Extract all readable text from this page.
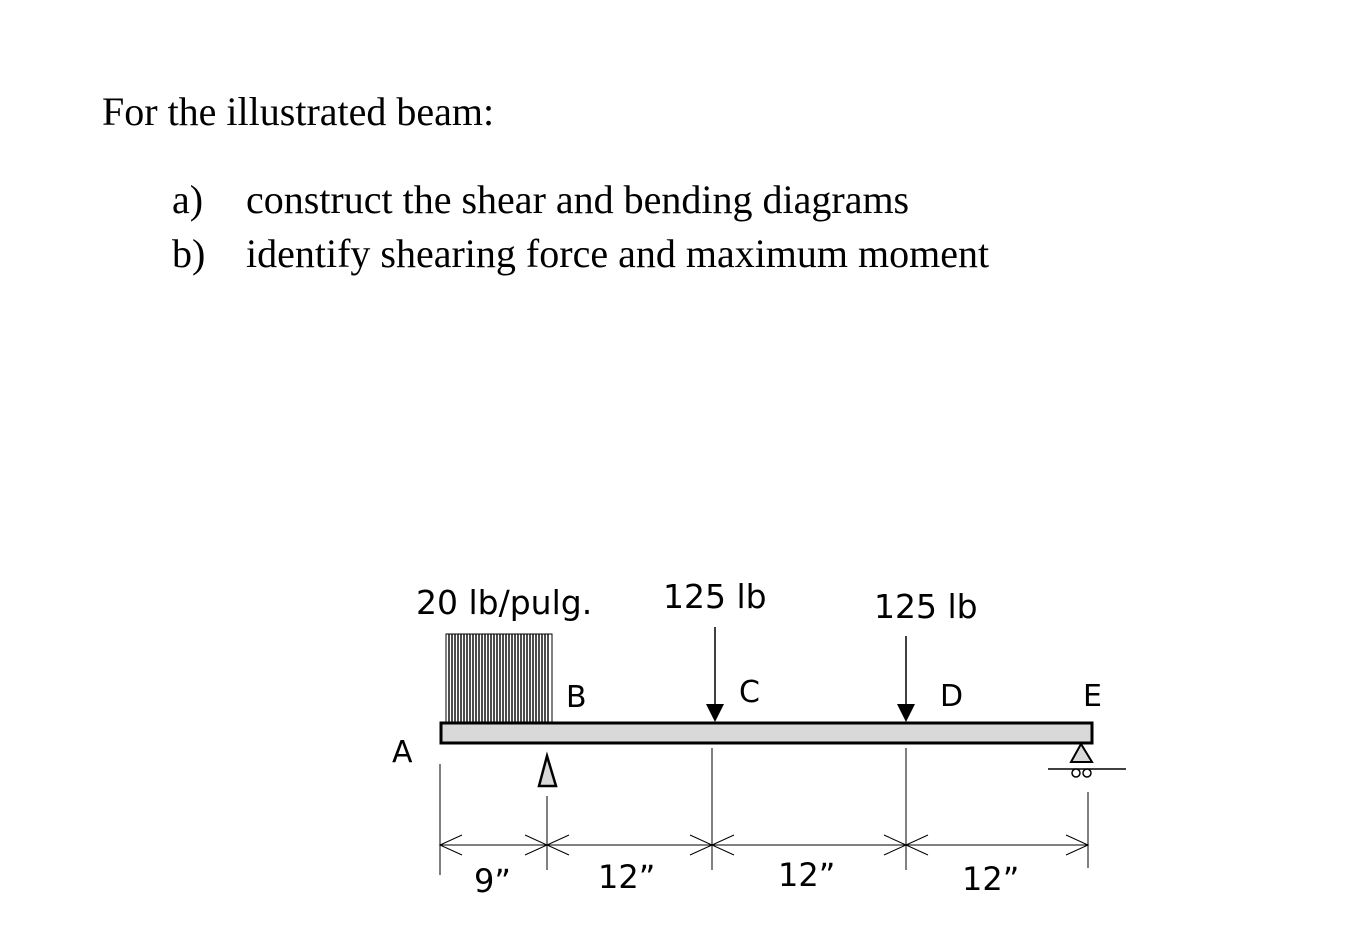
For the illustrated beam:
a) construct the shear and bending diagrams
b) identify shearing force and maximum moment
20 lb/pulg. 125 lb	125 lb
A
B	C	D	E
9”	12”	12”	12”
